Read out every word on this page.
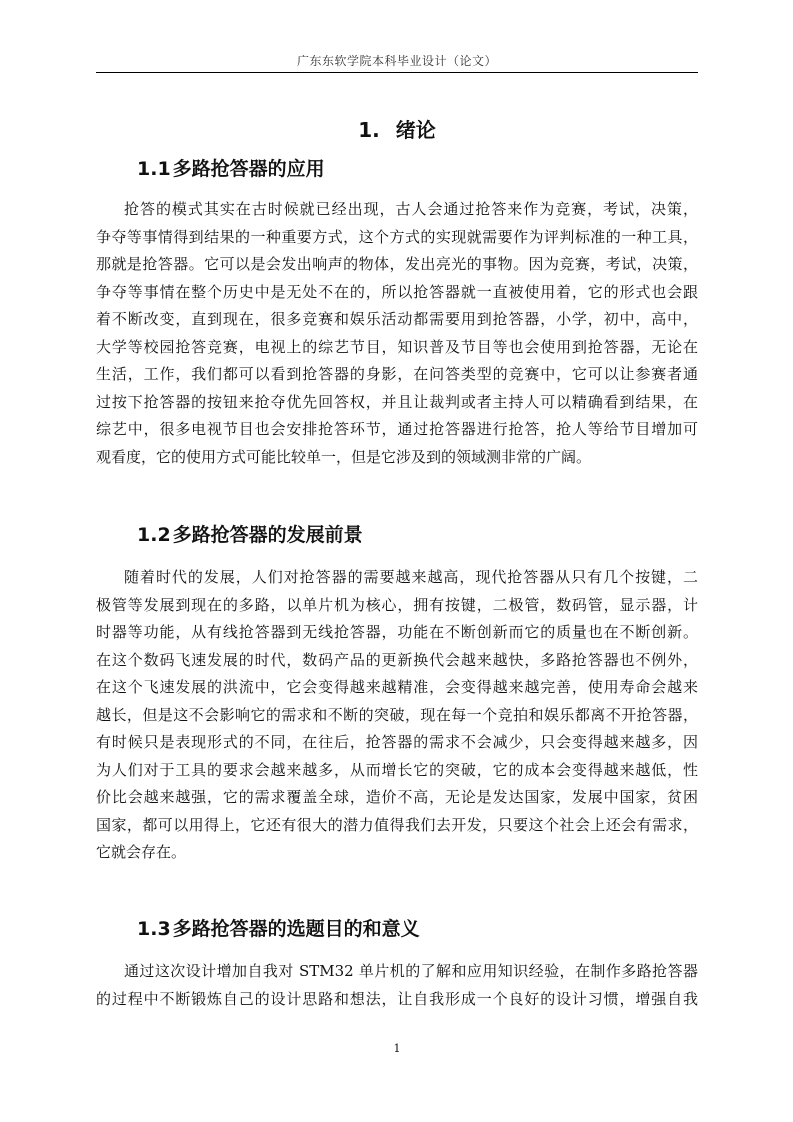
广东东软学院本科毕业设计（论文）
1. 绪论
1.1 多路抢答器的应用
抢答的模式其实在古时候就已经出现，古人会通过抢答来作为竞赛，考试，决策，
争夺等事情得到结果的一种重要方式，这个方式的实现就需要作为评判标准的一种工具，
那就是抢答器。它可以是会发出响声的物体，发出亮光的事物。因为竞赛，考试，决策，
争夺等事情在整个历史中是无处不在的，所以抢答器就一直被使用着，它的形式也会跟
着不断改变，直到现在，很多竞赛和娱乐活动都需要用到抢答器，小学，初中，高中，
大学等校园抢答竞赛，电视上的综艺节目，知识普及节目等也会使用到抢答器，无论在
生活，工作，我们都可以看到抢答器的身影，在问答类型的竞赛中，它可以让参赛者通
过按下抢答器的按钮来抢夺优先回答权，并且让裁判或者主持人可以精确看到结果，在
综艺中，很多电视节目也会安排抢答环节，通过抢答器进行抢答，抢人等给节目增加可
观看度，它的使用方式可能比较单一，但是它涉及到的领域测非常的广阔。
1.2 多路抢答器的发展前景
随着时代的发展，人们对抢答器的需要越来越高，现代抢答器从只有几个按键，二
极管等发展到现在的多路，以单片机为核心，拥有按键，二极管，数码管，显示器，计
时器等功能，从有线抢答器到无线抢答器，功能在不断创新而它的质量也在不断创新。
在这个数码飞速发展的时代，数码产品的更新换代会越来越快，多路抢答器也不例外，
在这个飞速发展的洪流中，它会变得越来越精准，会变得越来越完善，使用寿命会越来
越长，但是这不会影响它的需求和不断的突破，现在每一个竞拍和娱乐都离不开抢答器，
有时候只是表现形式的不同，在往后，抢答器的需求不会减少，只会变得越来越多，因
为人们对于工具的要求会越来越多，从而增长它的突破，它的成本会变得越来越低，性
价比会越来越强，它的需求覆盖全球，造价不高，无论是发达国家，发展中国家，贫困
国家，都可以用得上，它还有很大的潜力值得我们去开发，只要这个社会上还会有需求，
它就会存在。
1.3 多路抢答器的选题目的和意义
通过这次设计增加自我对 STM32 单片机的了解和应用知识经验，在制作多路抢答器
的过程中不断锻炼自己的设计思路和想法，让自我形成一个良好的设计习惯，增强自我
1
